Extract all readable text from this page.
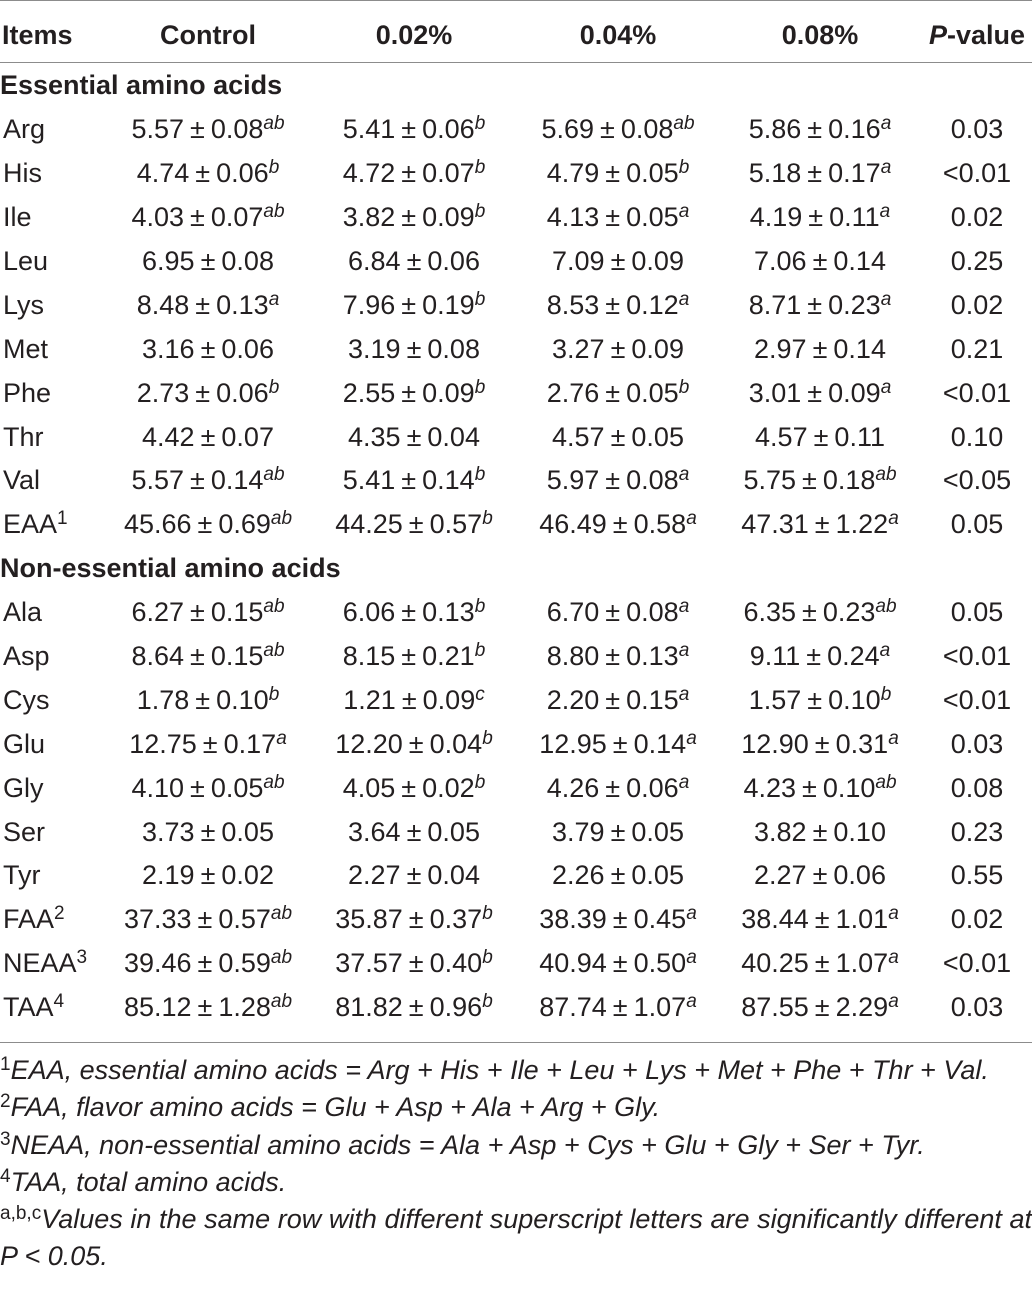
Items	Control	0.02%	0.04%	0.08%	P-value

Essential amino acids					
Arg	5.57 ± 0.08$^{ab}$	5.41 ± 0.06$^b$	5.69 ± 0.08$^{ab}$	5.86 ± 0.16$^a$	0.03
His	4.74 ± 0.06$^b$	4.72 ± 0.07$^b$	4.79 ± 0.05$^b$	5.18 ± 0.17$^a$	<0.01
Ile	4.03 ± 0.07$^{ab}$	3.82 ± 0.09$^b$	4.13 ± 0.05$^a$	4.19 ± 0.11$^a$	0.02
Leu	6.95 ± 0.08	6.84 ± 0.06	7.09 ± 0.09	7.06 ± 0.14	0.25
Lys	8.48 ± 0.13$^a$	7.96 ± 0.19$^b$	8.53 ± 0.12$^a$	8.71 ± 0.23$^a$	0.02
Met	3.16 ± 0.06	3.19 ± 0.08	3.27 ± 0.09	2.97 ± 0.14	0.21
Phe	2.73 ± 0.06$^b$	2.55 ± 0.09$^b$	2.76 ± 0.05$^b$	3.01 ± 0.09$^a$	<0.01
Thr	4.42 ± 0.07	4.35 ± 0.04	4.57 ± 0.05	4.57 ± 0.11	0.10
Val	5.57 ± 0.14$^{ab}$	5.41 ± 0.14$^b$	5.97 ± 0.08$^a$	5.75 ± 0.18$^{ab}$	<0.05
EAA$^1$	45.66 ± 0.69$^{ab}$	44.25 ± 0.57$^b$	46.49 ± 0.58$^a$	47.31 ± 1.22$^a$	0.05
Non-essential amino acids					
Ala	6.27 ± 0.15$^{ab}$	6.06 ± 0.13$^b$	6.70 ± 0.08$^a$	6.35 ± 0.23$^{ab}$	0.05
Asp	8.64 ± 0.15$^{ab}$	8.15 ± 0.21$^b$	8.80 ± 0.13$^a$	9.11 ± 0.24$^a$	<0.01
Cys	1.78 ± 0.10$^b$	1.21 ± 0.09$^c$	2.20 ± 0.15$^a$	1.57 ± 0.10$^b$	<0.01
Glu	12.75 ± 0.17$^a$	12.20 ± 0.04$^b$	12.95 ± 0.14$^a$	12.90 ± 0.31$^a$	0.03
Gly	4.10 ± 0.05$^{ab}$	4.05 ± 0.02$^b$	4.26 ± 0.06$^a$	4.23 ± 0.10$^{ab}$	0.08
Ser	3.73 ± 0.05	3.64 ± 0.05	3.79 ± 0.05	3.82 ± 0.10	0.23
Tyr	2.19 ± 0.02	2.27 ± 0.04	2.26 ± 0.05	2.27 ± 0.06	0.55
FAA$^2$	37.33 ± 0.57$^{ab}$	35.87 ± 0.37$^b$	38.39 ± 0.45$^a$	38.44 ± 1.01$^a$	0.02
NEAA$^3$	39.46 ± 0.59$^{ab}$	37.57 ± 0.40$^b$	40.94 ± 0.50$^a$	40.25 ± 1.07$^a$	<0.01
TAA$^4$	85.12 ± 1.28$^{ab}$	81.82 ± 0.96$^b$	87.74 ± 1.07$^a$	87.55 ± 2.29$^a$	0.03
$^1$EAA, essential amino acids = Arg + His + Ile + Leu + Lys + Met + Phe + Thr + Val.
$^2$FAA, flavor amino acids = Glu + Asp + Ala + Arg + Gly.
$^3$NEAA, non-essential amino acids = Ala + Asp + Cys + Glu + Gly + Ser + Tyr.
$^4$TAA, total amino acids.
$^{a,b,c}$Values in the same row with different superscript letters are significantly different at P < 0.05.
